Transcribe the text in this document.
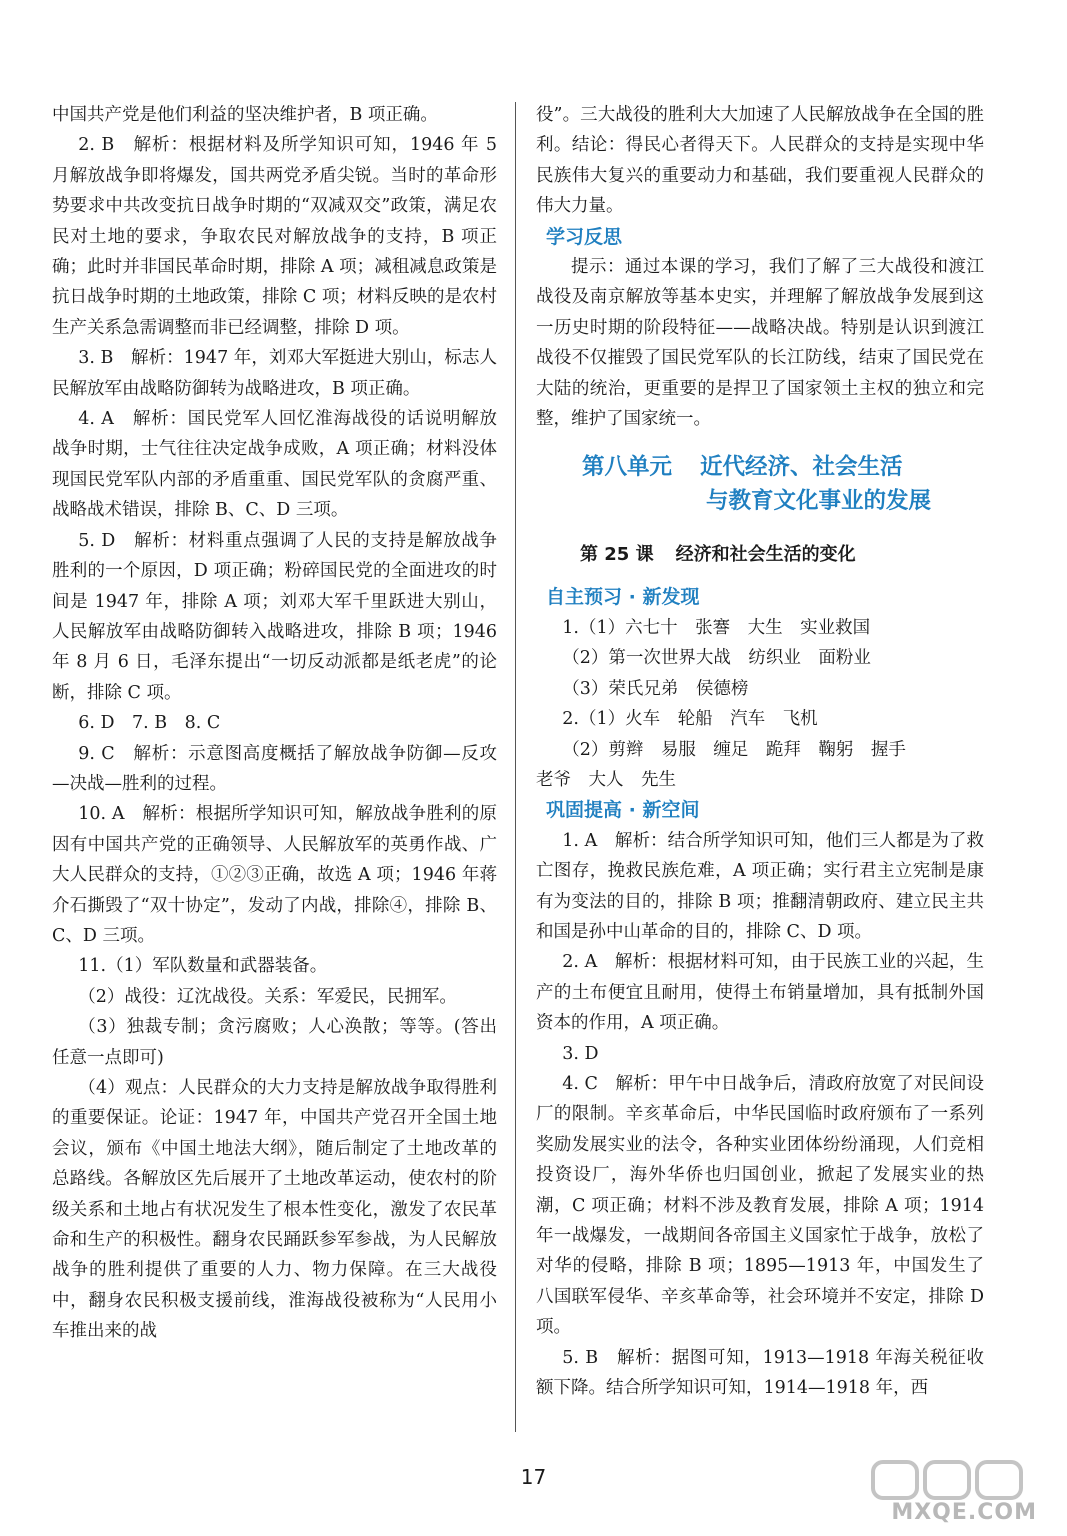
中国共产党是他们利益的坚决维护者，B 项正确。

2. B　解析：根据材料及所学知识可知，1946 年 5 月解放战争即将爆发，国共两党矛盾尖锐。当时的革命形势要求中共改变抗日战争时期的“双减双交”政策，满足农民对土地的要求，争取农民对解放战争的支持，B 项正确；此时并非国民革命时期，排除 A 项；减租减息政策是抗日战争时期的土地政策，排除 C 项；材料反映的是农村生产关系急需调整而非已经调整，排除 D 项。

3. B　解析：1947 年，刘邓大军挺进大别山，标志人民解放军由战略防御转为战略进攻，B 项正确。

4. A　解析：国民党军人回忆淮海战役的话说明解放战争时期，士气往往决定战争成败，A 项正确；材料没体现国民党军队内部的矛盾重重、国民党军队的贪腐严重、战略战术错误，排除 B、C、D 三项。

5. D　解析：材料重点强调了人民的支持是解放战争胜利的一个原因，D 项正确；粉碎国民党的全面进攻的时间是 1947 年，排除 A 项；刘邓大军千里跃进大别山，人民解放军由战略防御转入战略进攻，排除 B 项；1946 年 8 月 6 日，毛泽东提出“一切反动派都是纸老虎”的论断，排除 C 项。

6. D　7. B　8. C

9. C　解析：示意图高度概括了解放战争防御—反攻—决战—胜利的过程。

10. A　解析：根据所学知识可知，解放战争胜利的原因有中国共产党的正确领导、人民解放军的英勇作战、广大人民群众的支持，①②③正确，故选 A 项；1946 年蒋介石撕毁了“双十协定”，发动了内战，排除④，排除 B、C、D 三项。

11.（1）军队数量和武器装备。

（2）战役：辽沈战役。关系：军爱民，民拥军。

（3）独裁专制；贪污腐败；人心涣散；等等。(答出任意一点即可)

（4）观点：人民群众的大力支持是解放战争取得胜利的重要保证。论证：1947 年，中国共产党召开全国土地会议，颁布《中国土地法大纲》，随后制定了土地改革的总路线。各解放区先后展开了土地改革运动，使农村的阶级关系和土地占有状况发生了根本性变化，激发了农民革命和生产的积极性。翻身农民踊跃参军参战，为人民解放战争的胜利提供了重要的人力、物力保障。在三大战役中，翻身农民积极支援前线，淮海战役被称为“人民用小车推出来的战

役”。三大战役的胜利大大加速了人民解放战争在全国的胜利。结论：得民心者得天下。人民群众的支持是实现中华民族伟大复兴的重要动力和基础，我们要重视人民群众的伟大力量。

学习反思

提示：通过本课的学习，我们了解了三大战役和渡江战役及南京解放等基本史实，并理解了解放战争发展到这一历史时期的阶段特征——战略决战。特别是认识到渡江战役不仅摧毁了国民党军队的长江防线，结束了国民党在大陆的统治，更重要的是捍卫了国家领土主权的独立和完整，维护了国家统一。

第八单元 近代经济、社会生活
与教育文化事业的发展
第 25 课 经济和社会生活的变化
自主预习 · 新发现

1.（1）六七十　张謇　大生　实业救国

（2）第一次世界大战　纺织业　面粉业

（3）荣氏兄弟　侯德榜

2.（1）火车　轮船　汽车　飞机

（2）剪辫　易服　缠足　跪拜　鞠躬　握手

老爷　大人　先生

巩固提高 · 新空间

1. A　解析：结合所学知识可知，他们三人都是为了救亡图存，挽救民族危难，A 项正确；实行君主立宪制是康有为变法的目的，排除 B 项；推翻清朝政府、建立民主共和国是孙中山革命的目的，排除 C、D 项。

2. A　解析：根据材料可知，由于民族工业的兴起，生产的土布便宜且耐用，使得土布销量增加，具有抵制外国资本的作用，A 项正确。

3. D

4. C　解析：甲午中日战争后，清政府放宽了对民间设厂的限制。辛亥革命后，中华民国临时政府颁布了一系列奖励发展实业的法令，各种实业团体纷纷涌现，人们竞相投资设厂，海外华侨也归国创业，掀起了发展实业的热潮，C 项正确；材料不涉及教育发展，排除 A 项；1914 年一战爆发，一战期间各帝国主义国家忙于战争，放松了对华的侵略，排除 B 项；1895—1913 年，中国发生了八国联军侵华、辛亥革命等，社会环境并不安定，排除 D 项。

5. B　解析：据图可知，1913—1918 年海关税征收额下降。结合所学知识可知，1914—1918 年，西

17
MXQE.COM
